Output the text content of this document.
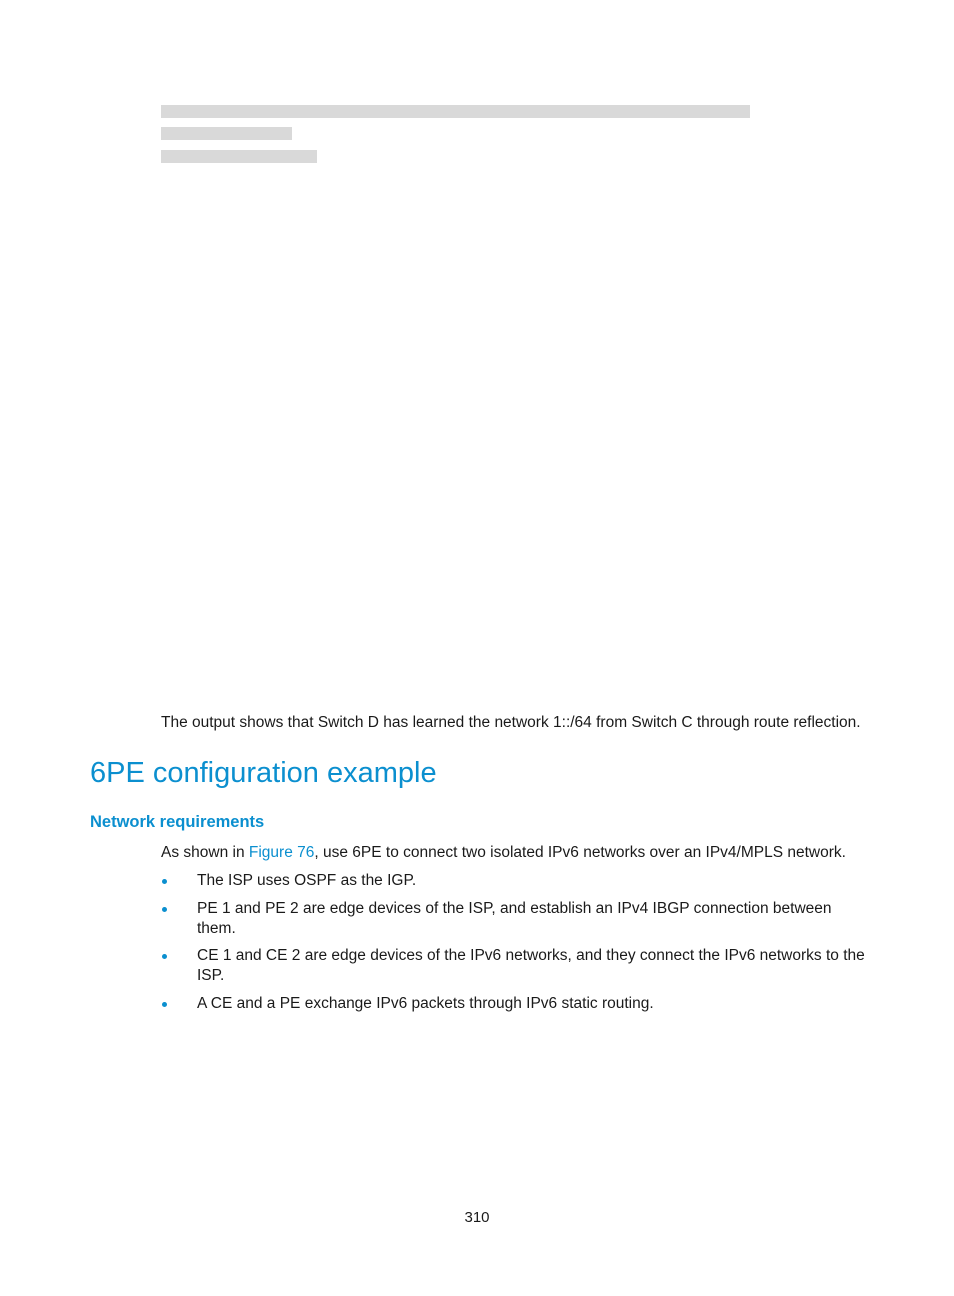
The output shows that Switch D has learned the network 1::/64 from Switch C through route reflection.

6PE configuration example
Network requirements

As shown in Figure 76, use 6PE to connect two isolated IPv6 networks over an IPv4/MPLS network.

The ISP uses OSPF as the IGP.
PE 1 and PE 2 are edge devices of the ISP, and establish an IPv4 IBGP connection between them.
CE 1 and CE 2 are edge devices of the IPv6 networks, and they connect the IPv6 networks to the ISP.
A CE and a PE exchange IPv6 packets through IPv6 static routing.
310
